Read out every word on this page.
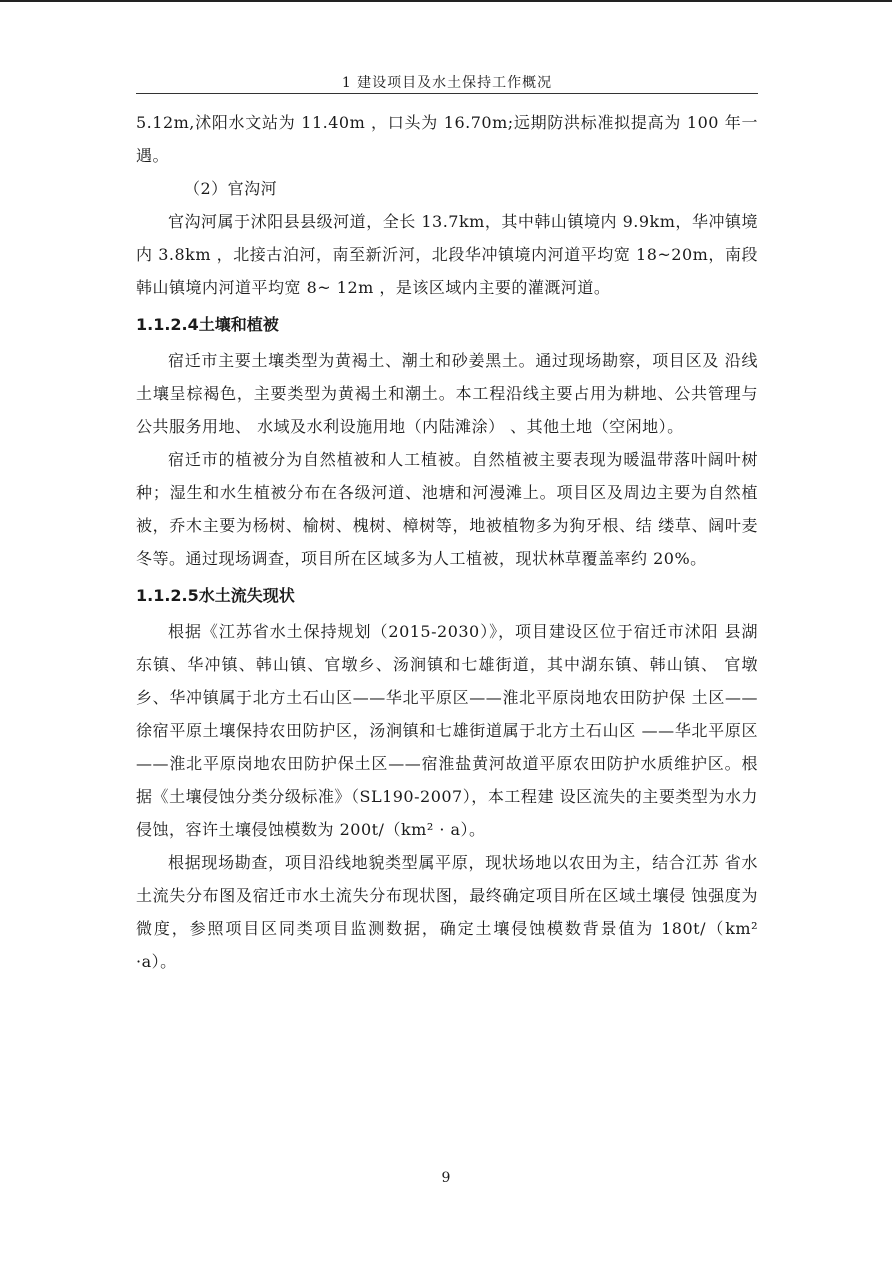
1 建设项目及水土保持工作概况

5.12m,沭阳水文站为 11.40m ，口头为 16.70m;远期防洪标准拟提高为 100 年一遇。

（2）官沟河

官沟河属于沭阳县县级河道，全长 13.7km，其中韩山镇境内 9.9km，华冲镇境内 3.8km ，北接古泊河，南至新沂河，北段华冲镇境内河道平均宽 18~20m，南段韩山镇境内河道平均宽 8~ 12m ，是该区域内主要的灌溉河道。

1.1.2.4土壤和植被

宿迁市主要土壤类型为黄褐土、潮土和砂姜黑土。通过现场勘察，项目区及 沿线土壤呈棕褐色，主要类型为黄褐土和潮土。本工程沿线主要占用为耕地、公共管理与公共服务用地、 水域及水利设施用地（内陆滩涂） 、其他土地（空闲地）。

宿迁市的植被分为自然植被和人工植被。自然植被主要表现为暖温带落叶阔叶树种；湿生和水生植被分布在各级河道、池塘和河漫滩上。项目区及周边主要为自然植被，乔木主要为杨树、榆树、槐树、樟树等，地被植物多为狗牙根、结 缕草、阔叶麦冬等。通过现场调查，项目所在区域多为人工植被，现状林草覆盖率约 20%。

1.1.2.5水土流失现状

根据《江苏省水土保持规划（2015-2030）》，项目建设区位于宿迁市沭阳 县湖东镇、华冲镇、韩山镇、官墩乡、汤涧镇和七雄街道，其中湖东镇、韩山镇、 官墩乡、华冲镇属于北方土石山区——华北平原区——淮北平原岗地农田防护保 土区——徐宿平原土壤保持农田防护区，汤涧镇和七雄街道属于北方土石山区 ——华北平原区——淮北平原岗地农田防护保土区——宿淮盐黄河故道平原农田防护水质维护区。根据《土壤侵蚀分类分级标准》（SL190-2007），本工程建 设区流失的主要类型为水力侵蚀，容许土壤侵蚀模数为 200t/（km² · a）。

根据现场勘查，项目沿线地貌类型属平原，现状场地以农田为主，结合江苏 省水土流失分布图及宿迁市水土流失分布现状图，最终确定项目所在区域土壤侵 蚀强度为微度，参照项目区同类项目监测数据，确定土壤侵蚀模数背景值为 180t/（km² ·a）。

9
